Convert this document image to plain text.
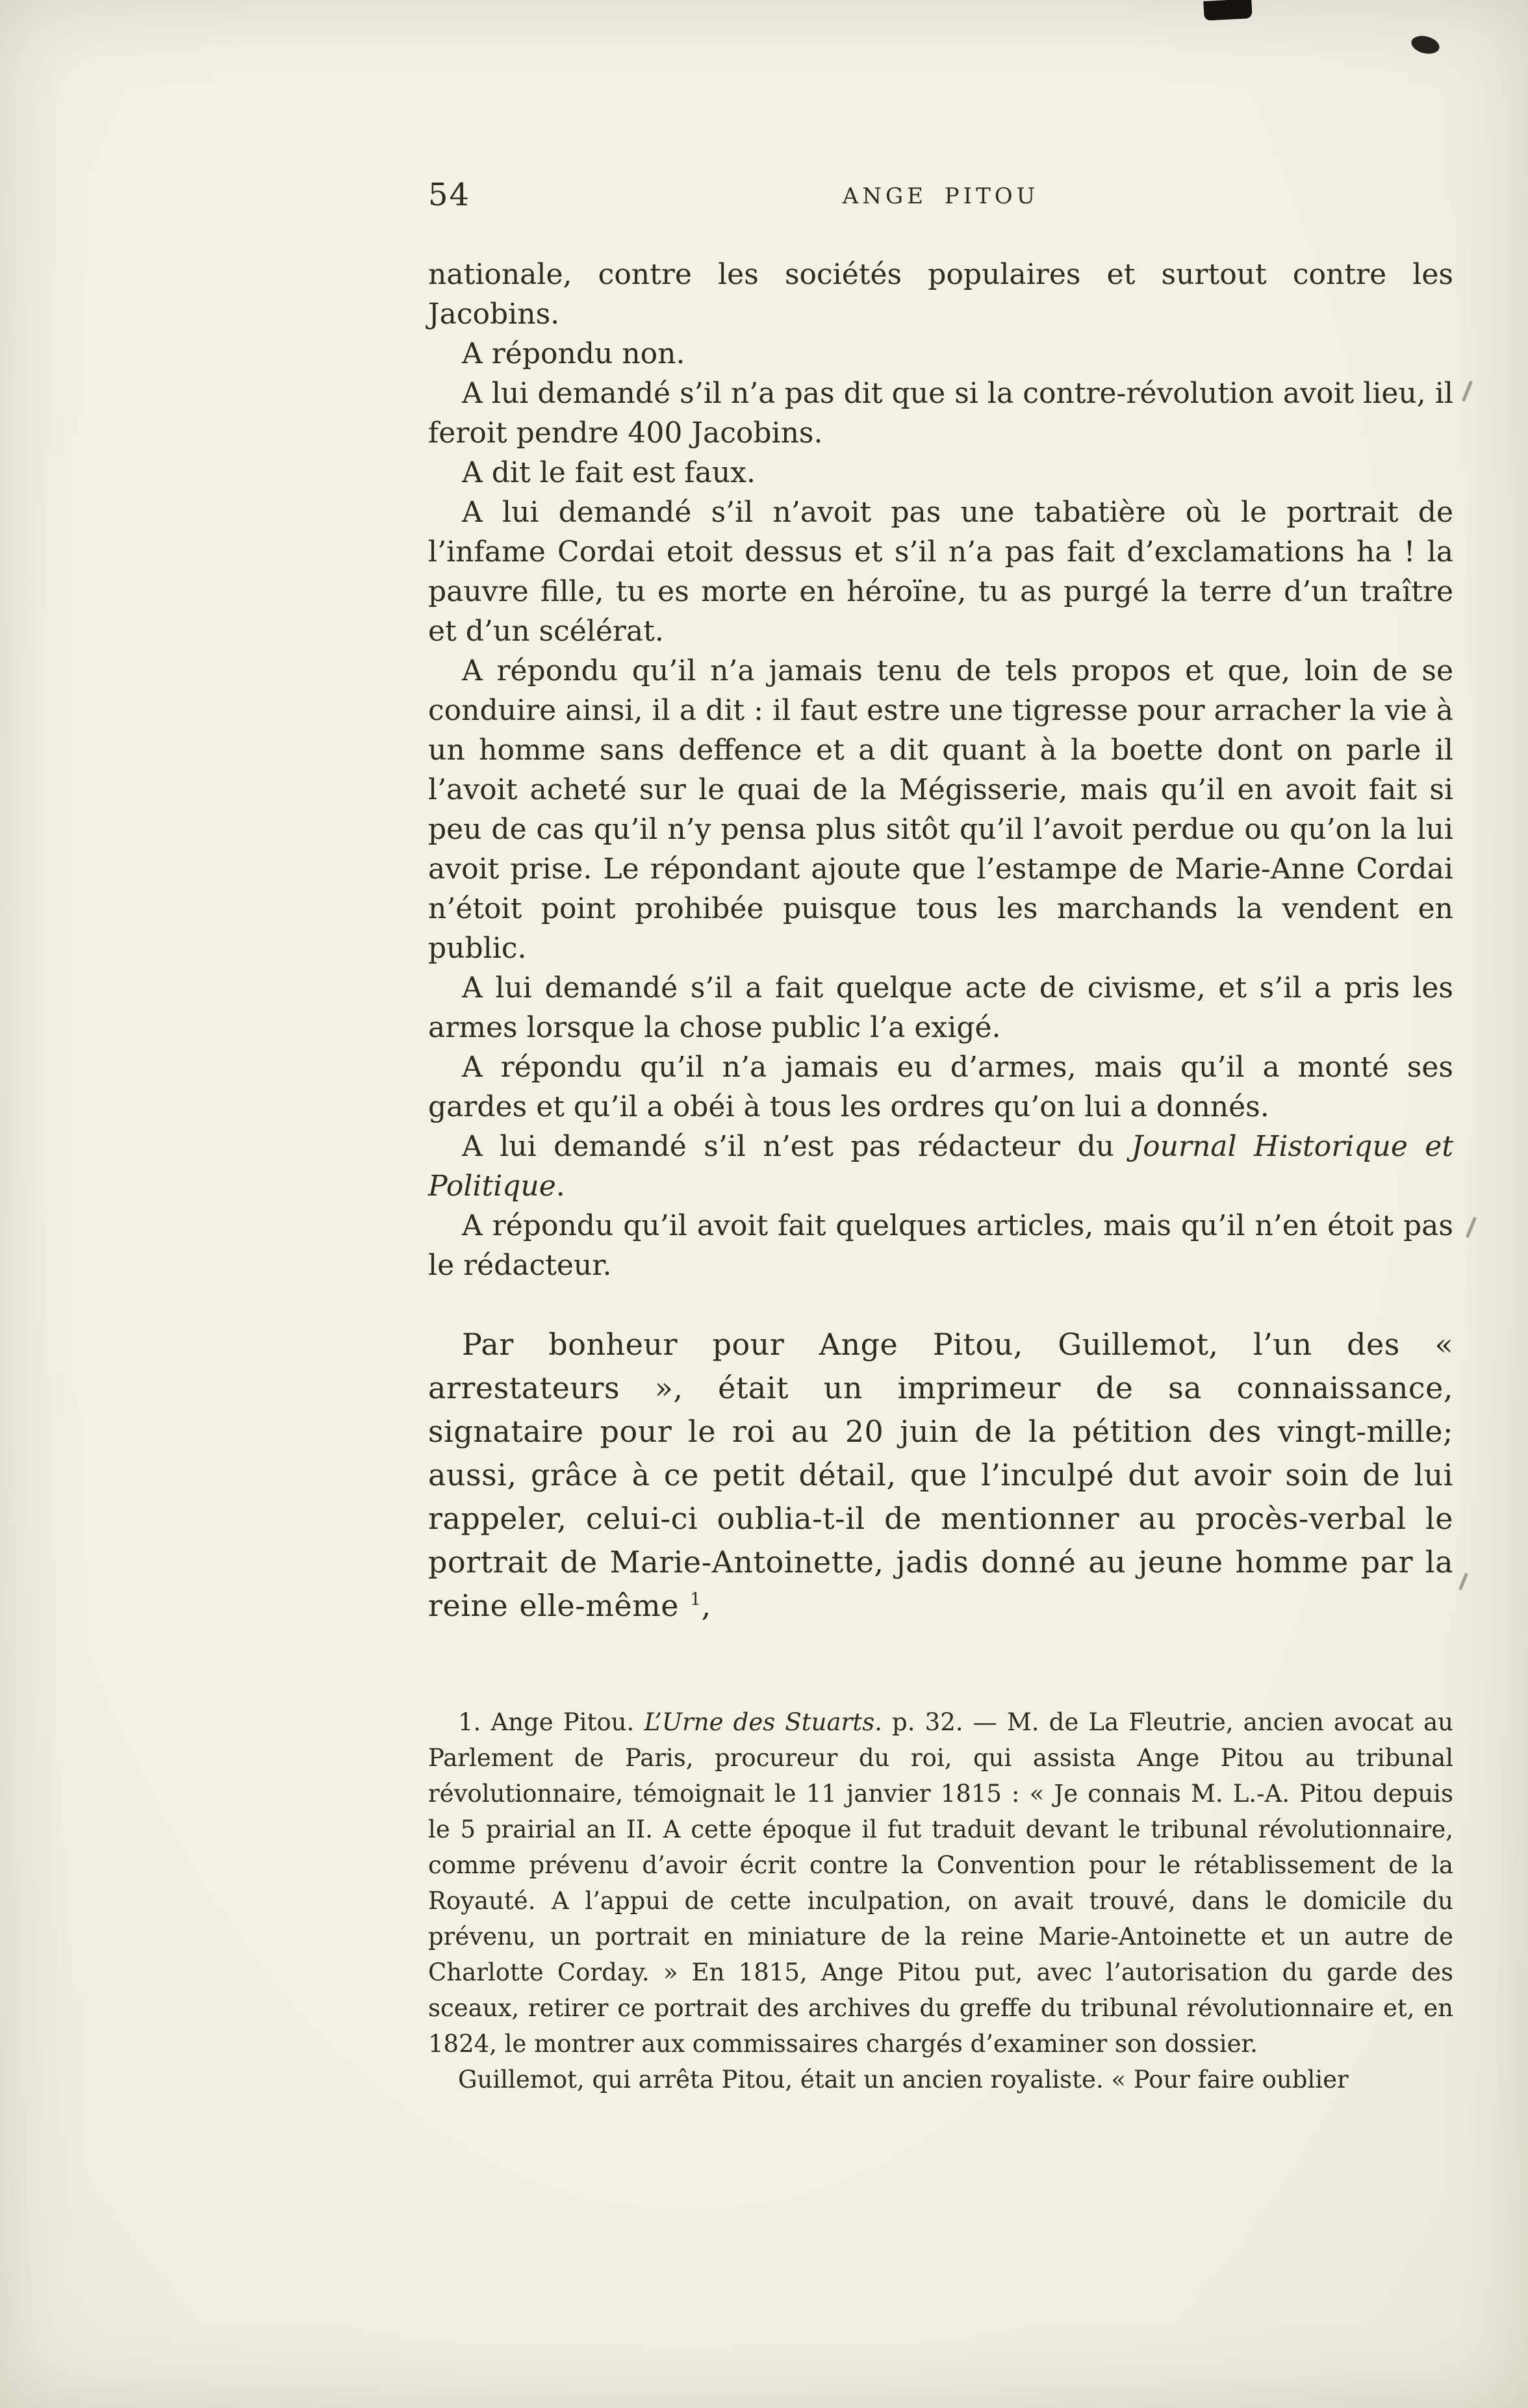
54	ANGE PITOU

nationale, contre les sociétés populaires et surtout contre les Jacobins.

A répondu non.

A lui demandé s’il n’a pas dit que si la contre-révolution avoit lieu, il feroit pendre 400 Jacobins.

A dit le fait est faux.

A lui demandé s’il n’avoit pas une tabatière où le portrait de l’infame Cordai etoit dessus et s’il n’a pas fait d’exclamations ha ! la pauvre fille, tu es morte en héroïne, tu as purgé la terre d’un traître et d’un scélérat.

A répondu qu’il n’a jamais tenu de tels propos et que, loin de se conduire ainsi, il a dit : il faut estre une tigresse pour arracher la vie à un homme sans deffence et a dit quant à la boette dont on parle il l’avoit acheté sur le quai de la Mégisserie, mais qu’il en avoit fait si peu de cas qu’il n’y pensa plus sitôt qu’il l’avoit perdue ou qu’on la lui avoit prise. Le répondant ajoute que l’estampe de Marie-Anne Cordai n’étoit point prohibée puisque tous les marchands la vendent en public.

A lui demandé s’il a fait quelque acte de civisme, et s’il a pris les armes lorsque la chose public l’a exigé.

A répondu qu’il n’a jamais eu d’armes, mais qu’il a monté ses gardes et qu’il a obéi à tous les ordres qu’on lui a donnés.

A lui demandé s’il n’est pas rédacteur du Journal Historique et Politique.

A répondu qu’il avoit fait quelques articles, mais qu’il n’en étoit pas le rédacteur.

Par bonheur pour Ange Pitou, Guillemot, l’un des « arrestateurs », était un imprimeur de sa connaissance, signataire pour le roi au 20 juin de la pétition des vingt-mille; aussi, grâce à ce petit détail, que l’inculpé dut avoir soin de lui rappeler, celui-ci oublia-t-il de mentionner au procès-verbal le portrait de Marie-Antoinette, jadis donné au jeune homme par la reine elle-même $^1$,

1. Ange Pitou. L’Urne des Stuarts. p. 32. — M. de La Fleutrie, ancien avocat au Parlement de Paris, procureur du roi, qui assista Ange Pitou au tribunal révolutionnaire, témoignait le 11 janvier 1815 : « Je connais M. L.-A. Pitou depuis le 5 prairial an II. A cette époque il fut traduit devant le tribunal révolutionnaire, comme prévenu d’avoir écrit contre la Convention pour le rétablissement de la Royauté. A l’appui de cette inculpation, on avait trouvé, dans le domicile du prévenu, un portrait en miniature de la reine Marie-Antoinette et un autre de Charlotte Corday. » En 1815, Ange Pitou put, avec l’autorisation du garde des sceaux, retirer ce portrait des archives du greffe du tribunal révolutionnaire et, en 1824, le montrer aux commissaires chargés d’examiner son dossier.

Guillemot, qui arrêta Pitou, était un ancien royaliste. « Pour faire oublier
